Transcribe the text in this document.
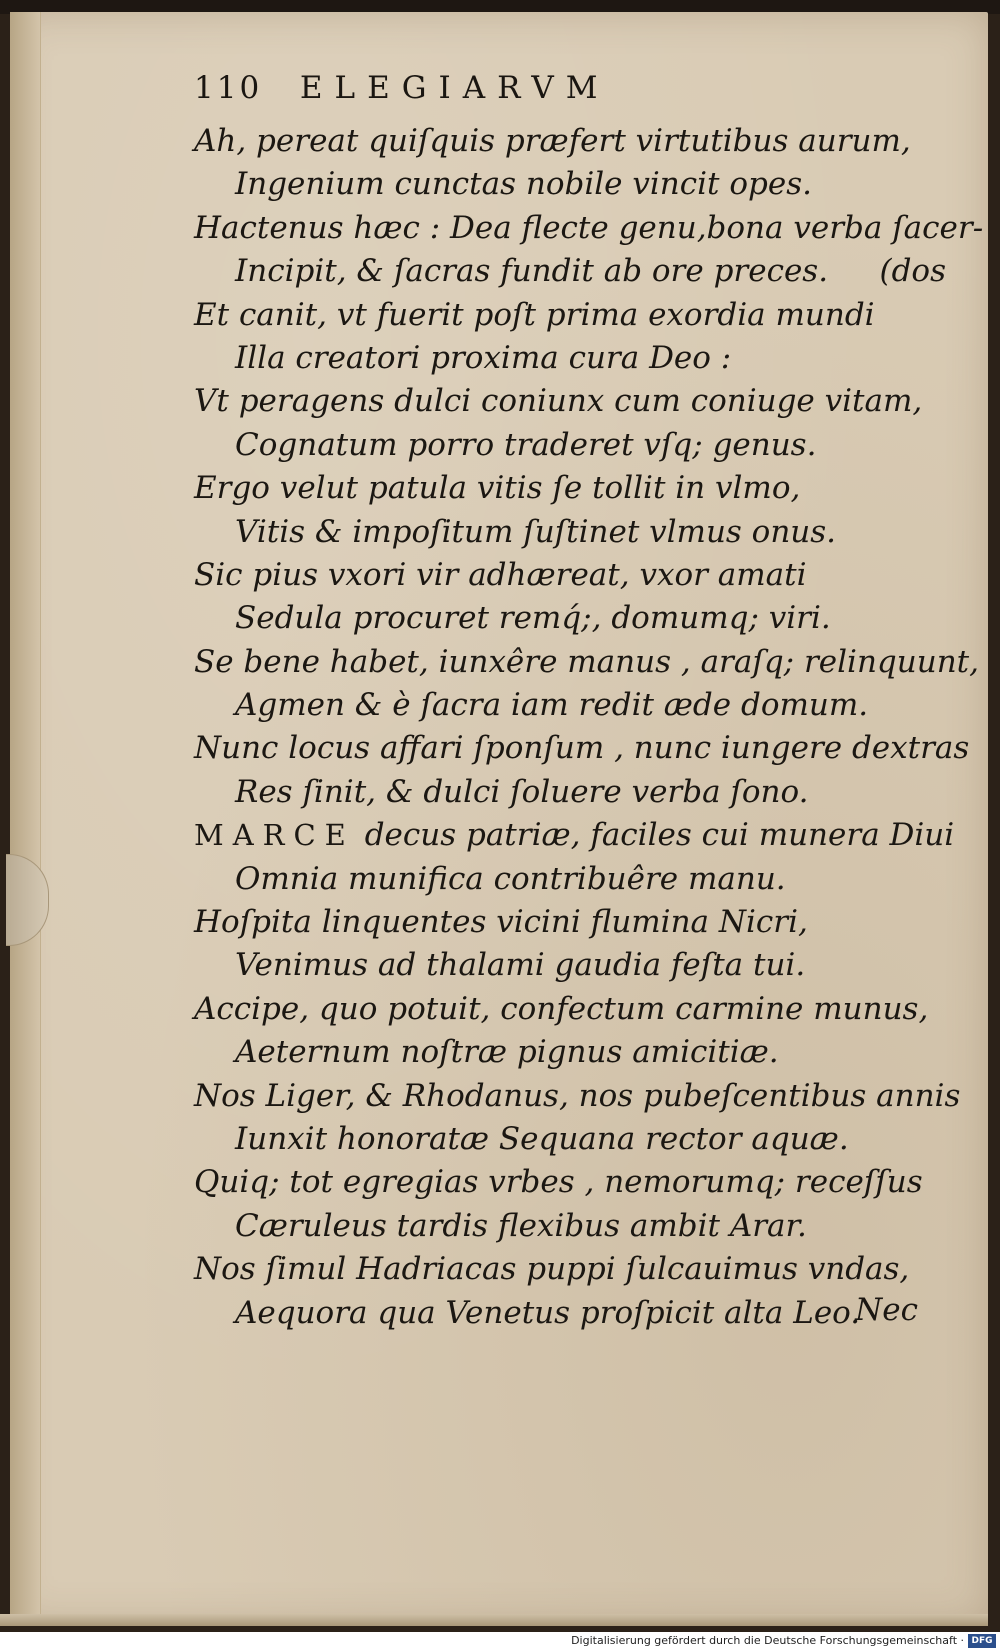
110 ELEGIARVM
Ah, pereat quiſquis præfert virtutibus aurum,
Ingenium cunctas nobile vincit opes.
Hactenus hæc : Dea flecte genu,bona verba ſacer-
Incipit, & ſacras fundit ab ore preces. (dos
Et canit, vt fuerit poſt prima exordia mundi
Illa creatori proxima cura Deo :
Vt peragens dulci coniunx cum coniuge vitam,
Cognatum porro traderet vſq; genus.
Ergo velut patula vitis ſe tollit in vlmo,
Vitis & impoſitum ſuſtinet vlmus onus.
Sic pius vxori vir adhæreat, vxor amati
Sedula procuret remq́;, domumq; viri.
Se bene habet, iunxêre manus , araſq; relinquunt,
Agmen & è ſacra iam redit æde domum.
Nunc locus affari ſponſum , nunc iungere dextras
Res ſinit, & dulci ſoluere verba ſono.
MARCE decus patriæ, faciles cui munera Diui
Omnia munifica contribuêre manu.
Hoſpita linquentes vicini flumina Nicri,
Venimus ad thalami gaudia feſta tui.
Accipe, quo potuit, confectum carmine munus,
Aeternum noſtræ pignus amicitiæ.
Nos Liger, & Rhodanus, nos pubeſcentibus annis
Iunxit honoratæ Sequana rector aquæ.
Quiq; tot egregias vrbes , nemorumq; receſſus
Cæruleus tardis flexibus ambit Arar.
Nos ſimul Hadriacas puppi ſulcauimus vndas,
Aequora qua Venetus proſpicit alta Leo.
Nec
Digitalisierung gefördert durch die Deutsche Forschungsgemeinschaft · DFG
